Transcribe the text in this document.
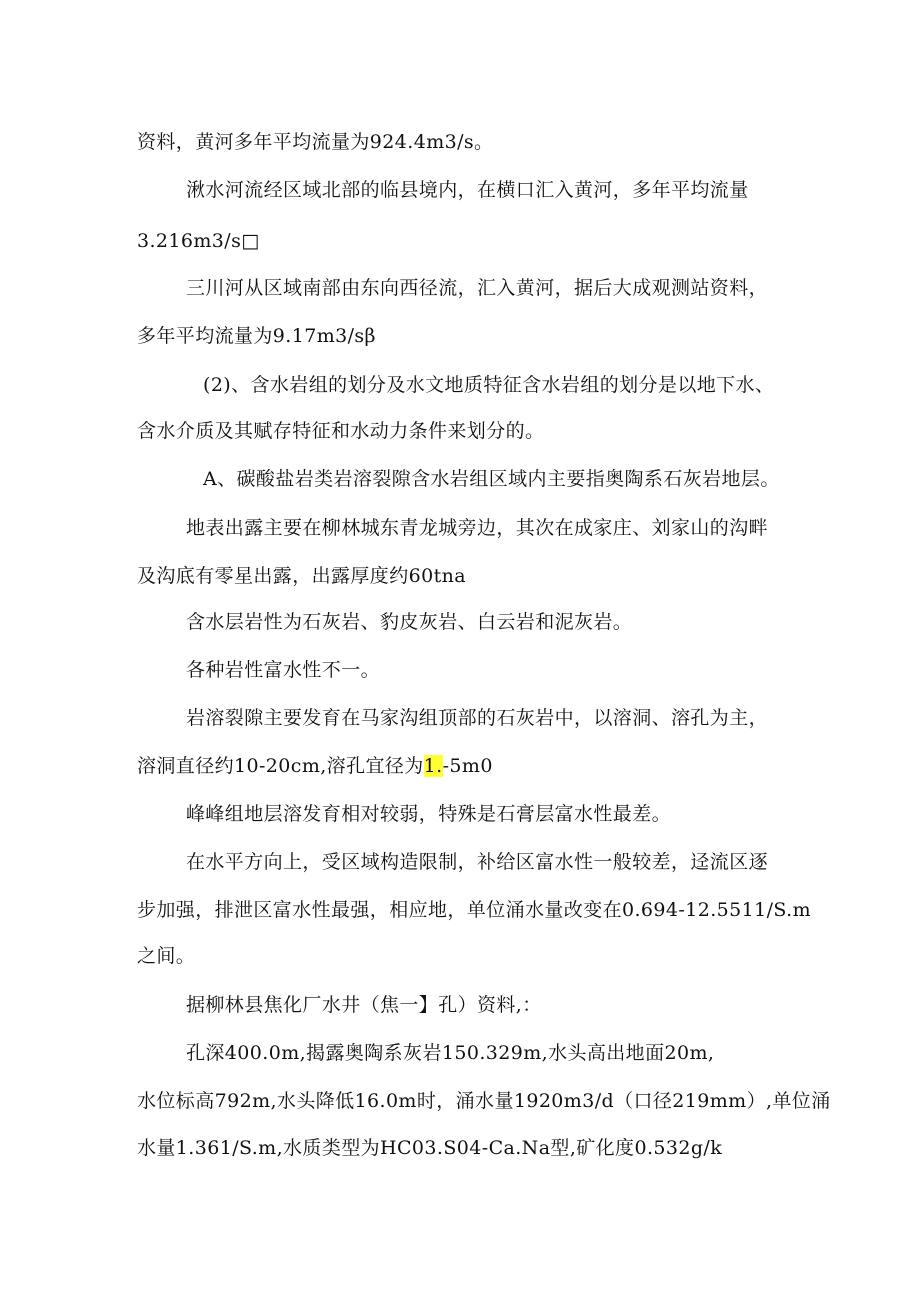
资料，黄河多年平均流量为924.4m3∕s。
湫水河流经区域北部的临县境内，在横口汇入黄河，多年平均流量
3.216m3∕s□
三川河从区域南部由东向西径流，汇入黄河，据后大成观测站资料，
多年平均流量为9.17m3∕sβ
(2)、含水岩组的划分及水文地质特征含水岩组的划分是以地下水、
含水介质及其赋存特征和水动力条件来划分的。
A、碳酸盐岩类岩溶裂隙含水岩组区域内主要指奥陶系石灰岩地层。
地表出露主要在柳林城东青龙城旁边，其次在成家庄、刘家山的沟畔
及沟底有零星出露，出露厚度约60tna
含水层岩性为石灰岩、豹皮灰岩、白云岩和泥灰岩。
各种岩性富水性不一。
岩溶裂隙主要发育在马家沟组顶部的石灰岩中，以溶洞、溶孔为主，
溶洞直径约10-20cm,溶孔宜径为1.-5m0
峰峰组地层溶发育相对较弱，特殊是石膏层富水性最差。
在水平方向上，受区域构造限制，补给区富水性一般较差，迳流区逐
步加强，排泄区富水性最强，相应地，单位涌水量改变在0.694-12.5511/S.m
之间。
据柳林县焦化厂水井（焦一】孔）资料,：
孔深400.0m,揭露奥陶系灰岩150.329m,水头高出地面20m,
水位标高792m,水头降低16.0m时，涌水量1920m3∕d（口径219mm）,单位涌
水量1.361/S.m,水质类型为HC03.S04-Ca.Na型,矿化度0.532g∕k
